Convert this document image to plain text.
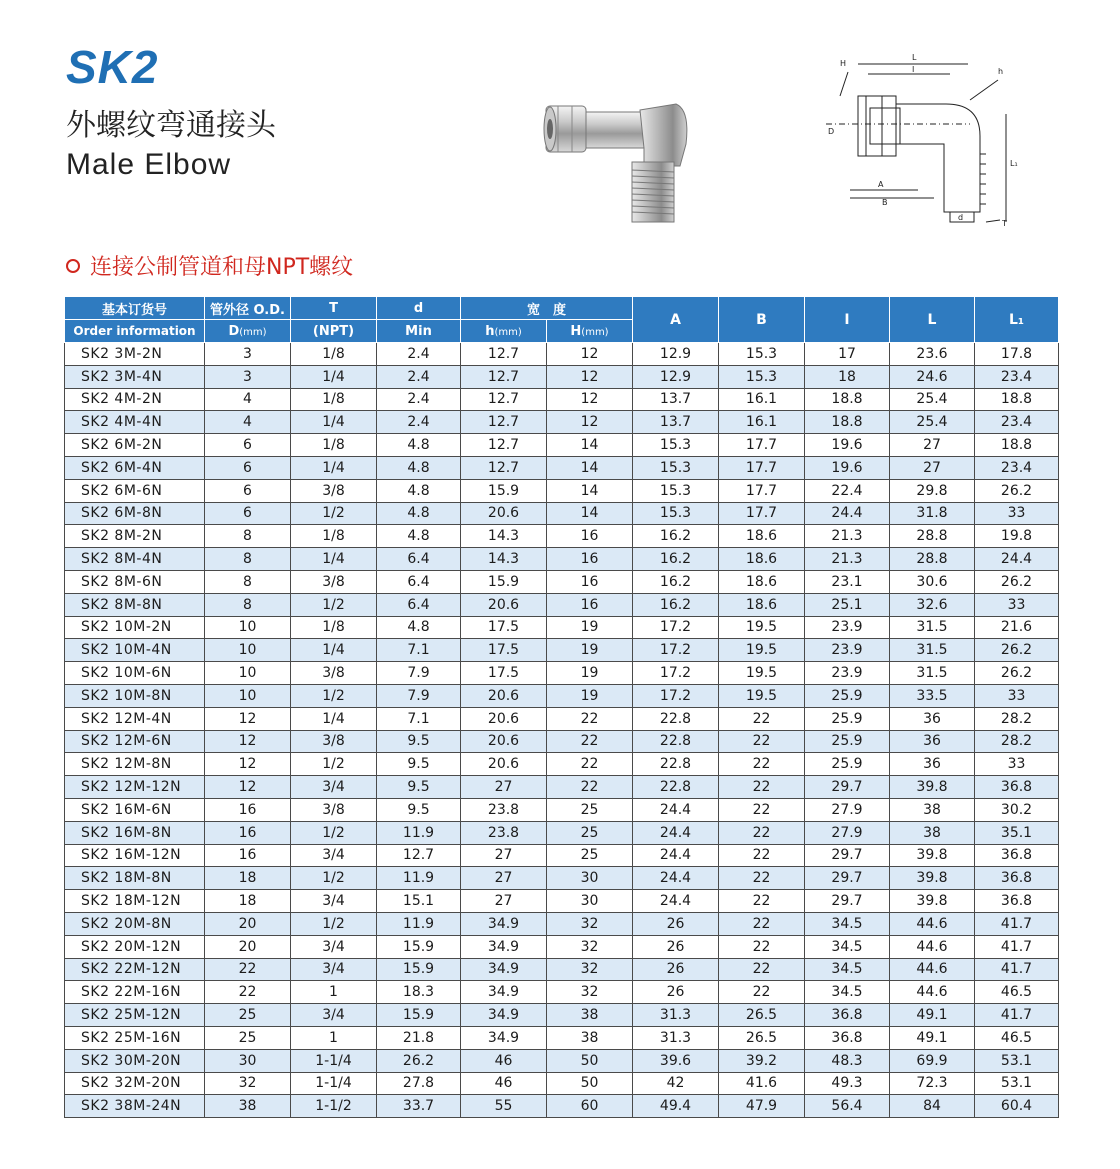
SK2
外螺纹弯通接头
Male Elbow
H
L
I	h
D
L₁
A
B
d
T
连接公制管道和母NPT螺纹
基本订货号	管外径 O.D.	T	d	宽　度		A	B	I	L	L₁
Order information	D(mm)	(NPT)	Min	h(mm)	H(mm)					
SK2 3M-2N	3	1/8	2.4	12.7	12	12.9	15.3	17	23.6	17.8
SK2 3M-4N	3	1/4	2.4	12.7	12	12.9	15.3	18	24.6	23.4
SK2 4M-2N	4	1/8	2.4	12.7	12	13.7	16.1	18.8	25.4	18.8
SK2 4M-4N	4	1/4	2.4	12.7	12	13.7	16.1	18.8	25.4	23.4
SK2 6M-2N	6	1/8	4.8	12.7	14	15.3	17.7	19.6	27	18.8
SK2 6M-4N	6	1/4	4.8	12.7	14	15.3	17.7	19.6	27	23.4
SK2 6M-6N	6	3/8	4.8	15.9	14	15.3	17.7	22.4	29.8	26.2
SK2 6M-8N	6	1/2	4.8	20.6	14	15.3	17.7	24.4	31.8	33
SK2 8M-2N	8	1/8	4.8	14.3	16	16.2	18.6	21.3	28.8	19.8
SK2 8M-4N	8	1/4	6.4	14.3	16	16.2	18.6	21.3	28.8	24.4
SK2 8M-6N	8	3/8	6.4	15.9	16	16.2	18.6	23.1	30.6	26.2
SK2 8M-8N	8	1/2	6.4	20.6	16	16.2	18.6	25.1	32.6	33
SK2 10M-2N	10	1/8	4.8	17.5	19	17.2	19.5	23.9	31.5	21.6
SK2 10M-4N	10	1/4	7.1	17.5	19	17.2	19.5	23.9	31.5	26.2
SK2 10M-6N	10	3/8	7.9	17.5	19	17.2	19.5	23.9	31.5	26.2
SK2 10M-8N	10	1/2	7.9	20.6	19	17.2	19.5	25.9	33.5	33
SK2 12M-4N	12	1/4	7.1	20.6	22	22.8	22	25.9	36	28.2
SK2 12M-6N	12	3/8	9.5	20.6	22	22.8	22	25.9	36	28.2
SK2 12M-8N	12	1/2	9.5	20.6	22	22.8	22	25.9	36	33
SK2 12M-12N	12	3/4	9.5	27	22	22.8	22	29.7	39.8	36.8
SK2 16M-6N	16	3/8	9.5	23.8	25	24.4	22	27.9	38	30.2
SK2 16M-8N	16	1/2	11.9	23.8	25	24.4	22	27.9	38	35.1
SK2 16M-12N	16	3/4	12.7	27	25	24.4	22	29.7	39.8	36.8
SK2 18M-8N	18	1/2	11.9	27	30	24.4	22	29.7	39.8	36.8
SK2 18M-12N	18	3/4	15.1	27	30	24.4	22	29.7	39.8	36.8
SK2 20M-8N	20	1/2	11.9	34.9	32	26	22	34.5	44.6	41.7
SK2 20M-12N	20	3/4	15.9	34.9	32	26	22	34.5	44.6	41.7
SK2 22M-12N	22	3/4	15.9	34.9	32	26	22	34.5	44.6	41.7
SK2 22M-16N	22	1	18.3	34.9	32	26	22	34.5	44.6	46.5
SK2 25M-12N	25	3/4	15.9	34.9	38	31.3	26.5	36.8	49.1	41.7
SK2 25M-16N	25	1	21.8	34.9	38	31.3	26.5	36.8	49.1	46.5
SK2 30M-20N	30	1-1/4	26.2	46	50	39.6	39.2	48.3	69.9	53.1
SK2 32M-20N	32	1-1/4	27.8	46	50	42	41.6	49.3	72.3	53.1
SK2 38M-24N	38	1-1/2	33.7	55	60	49.4	47.9	56.4	84	60.4
